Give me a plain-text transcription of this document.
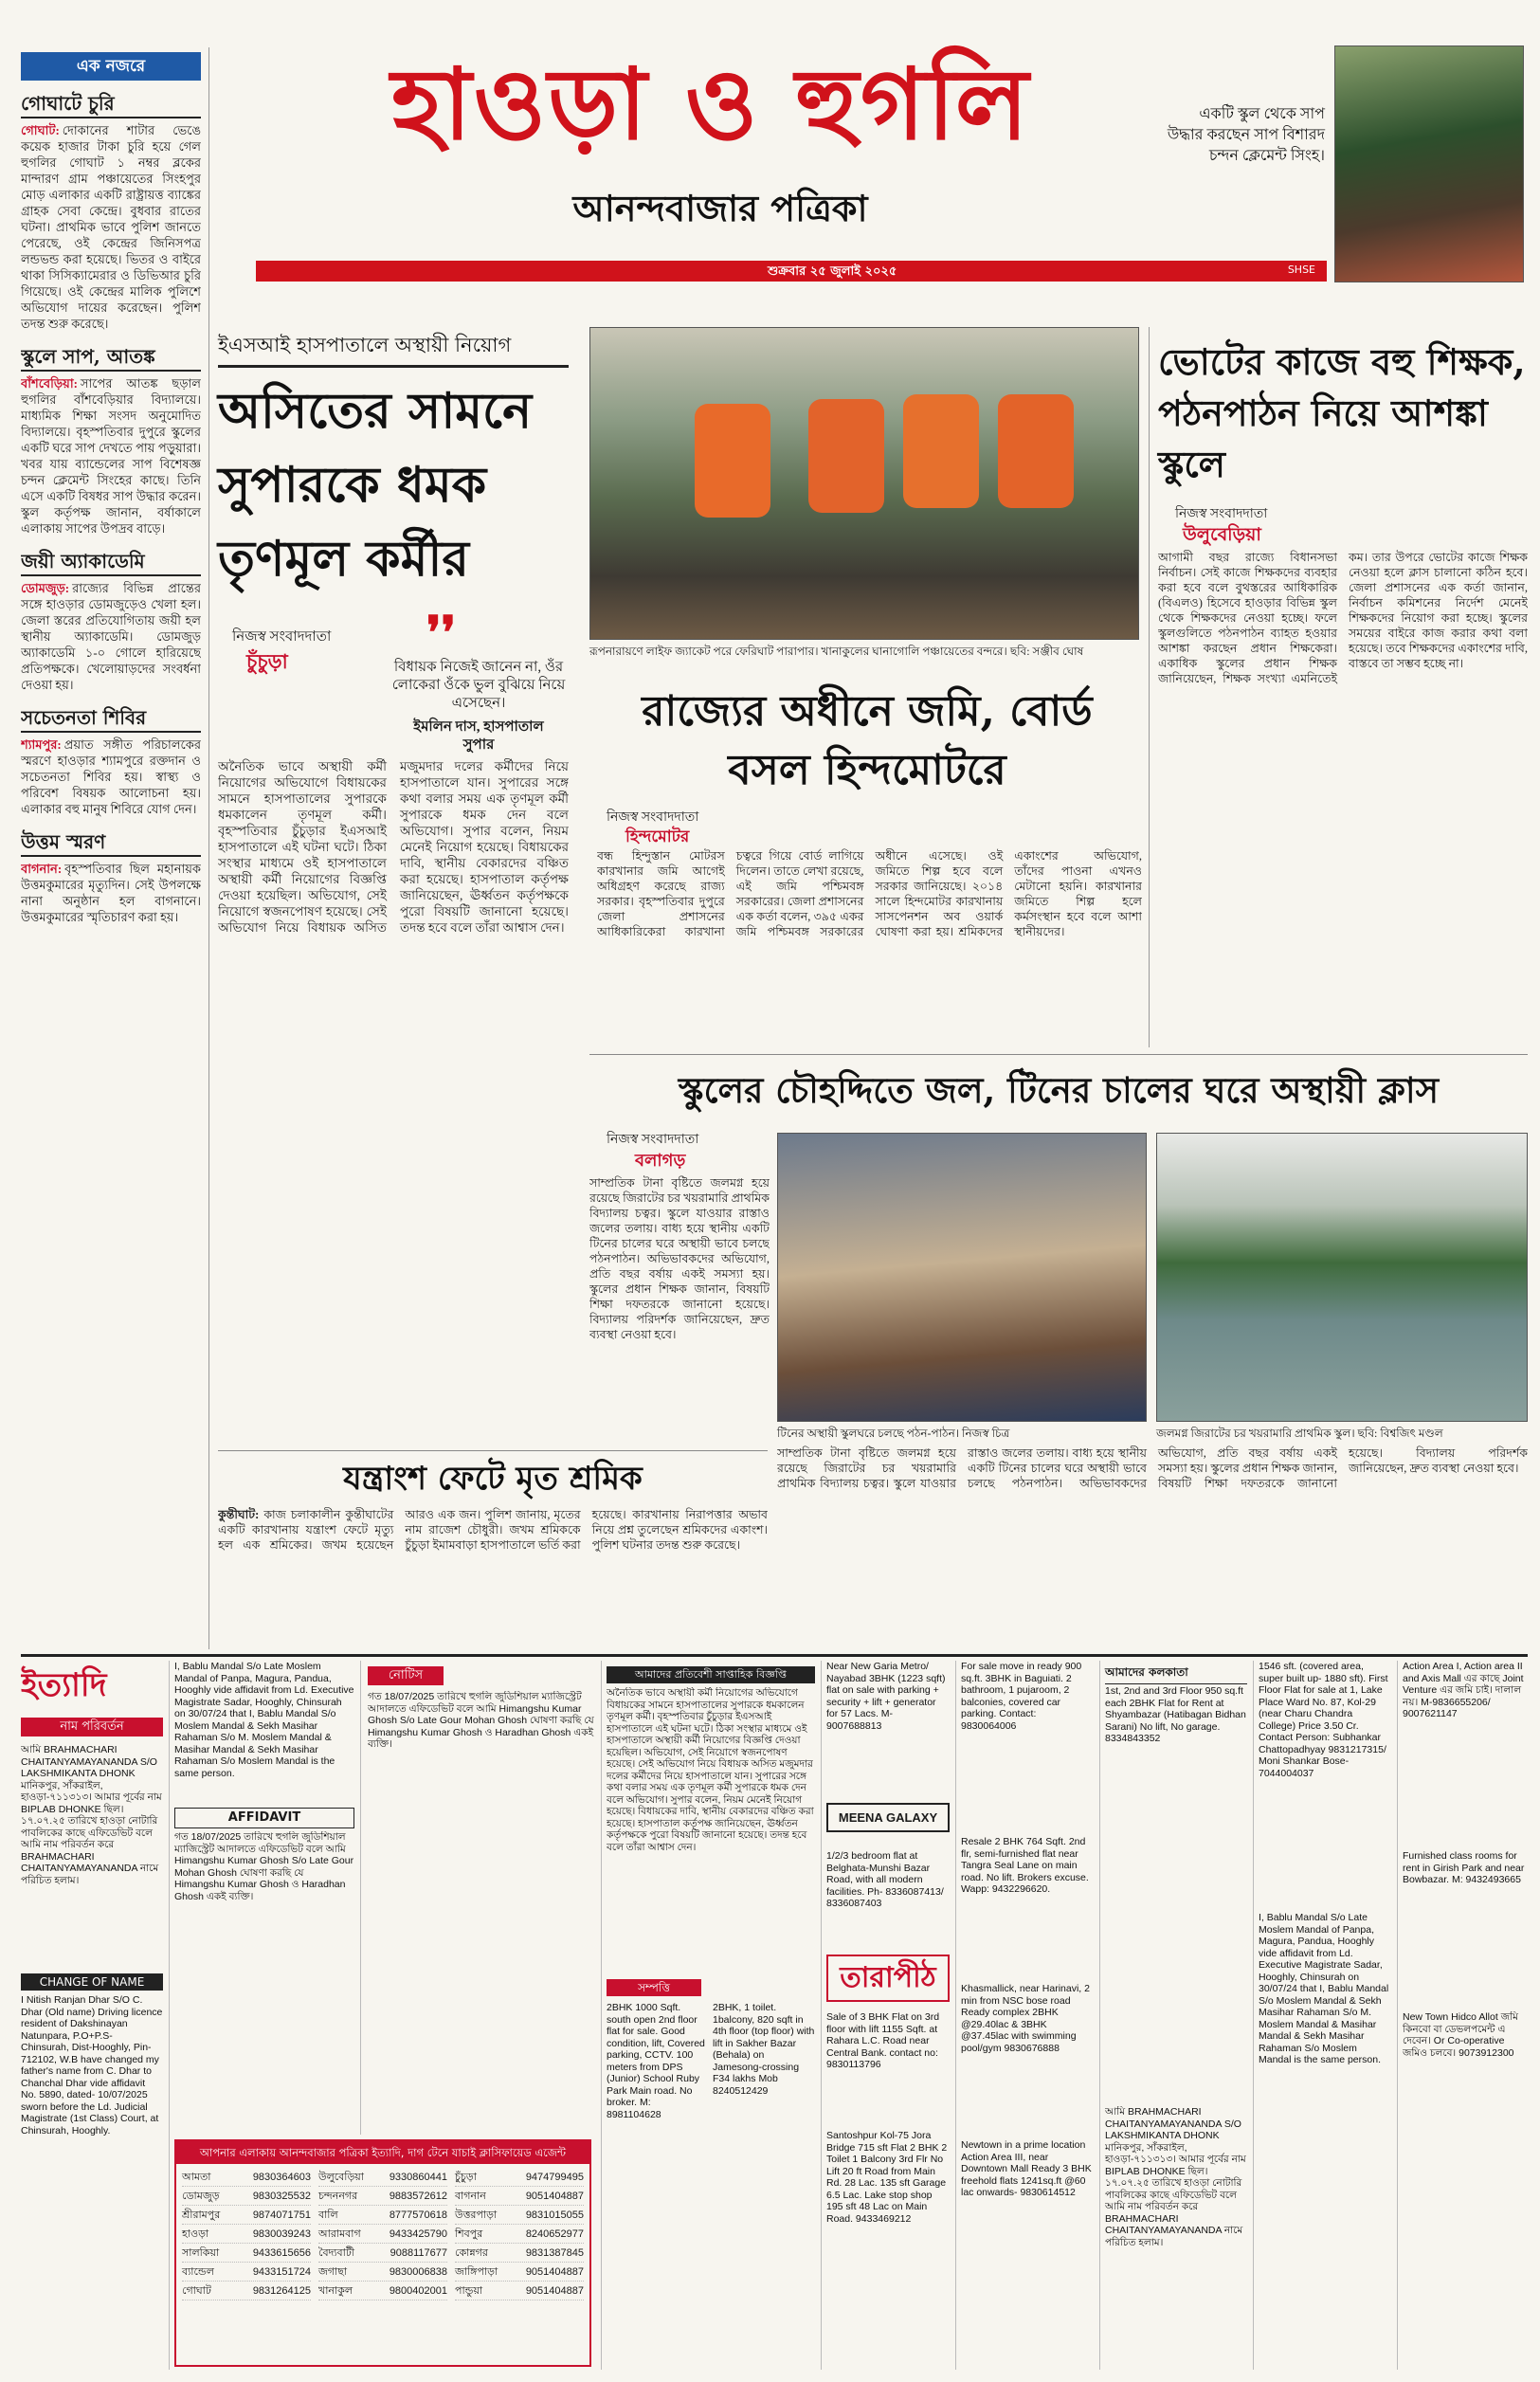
এক নজরে	হাওড়া ও হুগলি
আনন্দবাজার পত্রিকা
শুক্রবার ২৫ জুলাই ২০২৫	SHSE
একটি স্কুল থেকে সাপ উদ্ধার করছেন সাপ বিশারদ চন্দন ক্লেমেন্ট সিংহ।
গোঘাটে চুরি
গোঘাট: দোকানের শাটার ভেঙে কয়েক হাজার টাকা চুরি হয়ে গেল হুগলির গোঘাট ১ নম্বর ব্লকের মান্দারণ গ্রাম পঞ্চায়েতের সিংহপুর মোড় এলাকার একটি রাষ্ট্রায়ত্ত ব্যাঙ্কের গ্রাহক সেবা কেন্দ্রে। বুধবার রাতের ঘটনা। প্রাথমিক ভাবে পুলিশ জানতে পেরেছে, ওই কেন্দ্রের জিনিসপত্র লন্ডভন্ড করা হয়েছে। ভিতর ও বাইরে থাকা সিসিক্যামেরার ও ডিভিআর চুরি গিয়েছে। ওই কেন্দ্রের মালিক পুলিশে অভিযোগ দায়ের করেছেন। পুলিশ তদন্ত শুরু করেছে।
স্কুলে সাপ, আতঙ্ক
বাঁশবেড়িয়া: সাপের আতঙ্ক ছড়াল হুগলির বাঁশবেড়িয়ার বিদ্যালয়ে। মাধ্যমিক শিক্ষা সংসদ অনুমোদিত বিদ্যালয়ে। বৃহস্পতিবার দুপুরে স্কুলের একটি ঘরে সাপ দেখতে পায় পড়ুয়ারা। খবর যায় ব্যান্ডেলের সাপ বিশেষজ্ঞ চন্দন ক্লেমেন্ট সিংহের কাছে। তিনি এসে একটি বিষধর সাপ উদ্ধার করেন। স্কুল কর্তৃপক্ষ জানান, বর্ষাকালে এলাকায় সাপের উপদ্রব বাড়ে।
জয়ী অ্যাকাডেমি
ডোমজুড়: রাজ্যের বিভিন্ন প্রান্তের সঙ্গে হাওড়ার ডোমজুড়েও খেলা হল। জেলা স্তরের প্রতিযোগিতায় জয়ী হল স্থানীয় অ্যাকাডেমি। ডোমজুড় অ্যাকাডেমি ১-০ গোলে হারিয়েছে প্রতিপক্ষকে। খেলোয়াড়দের সংবর্ধনা দেওয়া হয়।
সচেতনতা শিবির
শ্যামপুর: প্রয়াত সঙ্গীত পরিচালকের স্মরণে হাওড়ার শ্যামপুরে রক্তদান ও সচেতনতা শিবির হয়। স্বাস্থ্য ও পরিবেশ বিষয়ক আলোচনা হয়। এলাকার বহু মানুষ শিবিরে যোগ দেন।
উত্তম স্মরণ
বাগনান: বৃহস্পতিবার ছিল মহানায়ক উত্তমকুমারের মৃত্যুদিন। সেই উপলক্ষে নানা অনুষ্ঠান হল বাগনানে। উত্তমকুমারের স্মৃতিচারণ করা হয়।
ইএসআই হাসপাতালে অস্থায়ী নিয়োগ
অসিতের সামনে সুপারকে ধমক তৃণমূল কর্মীর
নিজস্ব সংবাদদাতা
চুঁচুড়া
❜❜
বিধায়ক নিজেই জানেন না, ওঁর লোকেরা ওঁকে ভুল বুঝিয়ে নিয়ে এসেছেন।
ইমলিন দাস, হাসপাতাল সুপার
অনৈতিক ভাবে অস্থায়ী কর্মী নিয়োগের অভিযোগে বিধায়কের সামনে হাসপাতালের সুপারকে ধমকালেন তৃণমূল কর্মী। বৃহস্পতিবার চুঁচুড়ার ইএসআই হাসপাতালে এই ঘটনা ঘটে। ঠিকা সংস্থার মাধ্যমে ওই হাসপাতালে অস্থায়ী কর্মী নিয়োগের বিজ্ঞপ্তি দেওয়া হয়েছিল। অভিযোগ, সেই নিয়োগে স্বজনপোষণ হয়েছে। সেই অভিযোগ নিয়ে বিধায়ক অসিত মজুমদার দলের কর্মীদের নিয়ে হাসপাতালে যান। সুপারের সঙ্গে কথা বলার সময় এক তৃণমূল কর্মী সুপারকে ধমক দেন বলে অভিযোগ। সুপার বলেন, নিয়ম মেনেই নিয়োগ হয়েছে। বিধায়কের দাবি, স্থানীয় বেকারদের বঞ্চিত করা হয়েছে। হাসপাতাল কর্তৃপক্ষ জানিয়েছেন, ঊর্ধ্বতন কর্তৃপক্ষকে পুরো বিষয়টি জানানো হয়েছে। তদন্ত হবে বলে তাঁরা আশ্বাস দেন।
রূপনারায়ণে লাইফ জ্যাকেট পরে ফেরিঘাট পারাপার। খানাকুলের ঘানাগোলি পঞ্চায়েতের বন্দরে। ছবি: সঞ্জীব ঘোষ
রাজ্যের অধীনে জমি, বোর্ড বসল হিন্দমোটরে
নিজস্ব সংবাদদাতা
হিন্দমোটর
বন্ধ হিন্দুস্তান মোটরস কারখানার জমি আগেই অধিগ্রহণ করেছে রাজ্য সরকার। বৃহস্পতিবার দুপুরে জেলা প্রশাসনের আধিকারিকেরা কারখানা চত্বরে গিয়ে বোর্ড লাগিয়ে দিলেন। তাতে লেখা রয়েছে, এই জমি পশ্চিমবঙ্গ সরকারের। জেলা প্রশাসনের এক কর্তা বলেন, ৩৯৫ একর জমি পশ্চিমবঙ্গ সরকারের অধীনে এসেছে। ওই জমিতে শিল্প হবে বলে সরকার জানিয়েছে। ২০১৪ সালে হিন্দমোটর কারখানায় সাসপেনশন অব ওয়ার্ক ঘোষণা করা হয়। শ্রমিকদের একাংশের অভিযোগ, তাঁদের পাওনা এখনও মেটানো হয়নি। কারখানার জমিতে শিল্প হলে কর্মসংস্থান হবে বলে আশা স্থানীয়দের।
ভোটের কাজে বহু শিক্ষক, পঠনপাঠন নিয়ে আশঙ্কা স্কুলে
নিজস্ব সংবাদদাতা
উলুবেড়িয়া
আগামী বছর রাজ্যে বিধানসভা নির্বাচন। সেই কাজে শিক্ষকদের ব্যবহার করা হবে বলে বুথস্তরের আধিকারিক (বিএলও) হিসেবে হাওড়ার বিভিন্ন স্কুল থেকে শিক্ষকদের নেওয়া হচ্ছে। ফলে স্কুলগুলিতে পঠনপাঠন ব্যাহত হওয়ার আশঙ্কা করছেন প্রধান শিক্ষকেরা। একাধিক স্কুলের প্রধান শিক্ষক জানিয়েছেন, শিক্ষক সংখ্যা এমনিতেই কম। তার উপরে ভোটের কাজে শিক্ষক নেওয়া হলে ক্লাস চালানো কঠিন হবে। জেলা প্রশাসনের এক কর্তা জানান, নির্বাচন কমিশনের নির্দেশ মেনেই শিক্ষকদের নিয়োগ করা হচ্ছে। স্কুলের সময়ের বাইরে কাজ করার কথা বলা হয়েছে। তবে শিক্ষকদের একাংশের দাবি, বাস্তবে তা সম্ভব হচ্ছে না।
স্কুলের চৌহদ্দিতে জল, টিনের চালের ঘরে অস্থায়ী ক্লাস
নিজস্ব সংবাদদাতা
বলাগড়
সাম্প্রতিক টানা বৃষ্টিতে জলমগ্ন হয়ে রয়েছে জিরাটের চর খয়রামারি প্রাথমিক বিদ্যালয় চত্বর। স্কুলে যাওয়ার রাস্তাও জলের তলায়। বাধ্য হয়ে স্থানীয় একটি টিনের চালের ঘরে অস্থায়ী ভাবে চলছে পঠনপাঠন। অভিভাবকদের অভিযোগ, প্রতি বছর বর্ষায় একই সমস্যা হয়। স্কুলের প্রধান শিক্ষক জানান, বিষয়টি শিক্ষা দফতরকে জানানো হয়েছে। বিদ্যালয় পরিদর্শক জানিয়েছেন, দ্রুত ব্যবস্থা নেওয়া হবে।
টিনের অস্থায়ী স্কুলঘরে চলছে পঠন-পাঠন। নিজস্ব চিত্র	জলমগ্ন জিরাটের চর খয়রামারি প্রাথমিক স্কুল। ছবি: বিশ্বজিৎ মণ্ডল
সাম্প্রতিক টানা বৃষ্টিতে জলমগ্ন হয়ে রয়েছে জিরাটের চর খয়রামারি প্রাথমিক বিদ্যালয় চত্বর। স্কুলে যাওয়ার রাস্তাও জলের তলায়। বাধ্য হয়ে স্থানীয় একটি টিনের চালের ঘরে অস্থায়ী ভাবে চলছে পঠনপাঠন। অভিভাবকদের অভিযোগ, প্রতি বছর বর্ষায় একই সমস্যা হয়। স্কুলের প্রধান শিক্ষক জানান, বিষয়টি শিক্ষা দফতরকে জানানো হয়েছে। বিদ্যালয় পরিদর্শক জানিয়েছেন, দ্রুত ব্যবস্থা নেওয়া হবে।
যন্ত্রাংশ ফেটে মৃত শ্রমিক
কুন্তীঘাট: কাজ চলাকালীন কুন্তীঘাটের একটি কারখানায় যন্ত্রাংশ ফেটে মৃত্যু হল এক শ্রমিকের। জখম হয়েছেন আরও এক জন। পুলিশ জানায়, মৃতের নাম রাজেশ চৌধুরী। জখম শ্রমিককে চুঁচুড়া ইমামবাড়া হাসপাতালে ভর্তি করা হয়েছে। কারখানায় নিরাপত্তার অভাব নিয়ে প্রশ্ন তুলেছেন শ্রমিকদের একাংশ। পুলিশ ঘটনার তদন্ত শুরু করেছে।
ইত্যাদি
নাম পরিবর্তন
আমি BRAHMACHARI CHAITANYAMAYANANDA S/O LAKSHMIKANTA DHONK মানিকপুর, সাঁকরাইল, হাওড়া-৭১১৩১৩। আমার পূর্বের নাম BIPLAB DHONKE ছিল। ১৭.০৭.২৫ তারিখে হাওড়া নোটারি পাবলিকের কাছে এফিডেভিট বলে আমি নাম পরিবর্তন করে BRAHMACHARI CHAITANYAMAYANANDA নামে পরিচিত হলাম।
CHANGE OF NAME
I Nitish Ranjan Dhar S/O C. Dhar (Old name) Driving licence resident of Dakshinayan Natunpara, P.O+P.S- Chinsurah, Dist-Hooghly, Pin- 712102, W.B have changed my father's name from C. Dhar to Chanchal Dhar vide affidavit No. 5890, dated- 10/07/2025 sworn before the Ld. Judicial Magistrate (1st Class) Court, at Chinsurah, Hooghly.
I, Bablu Mandal S/o Late Moslem Mandal of Panpa, Magura, Pandua, Hooghly vide affidavit from Ld. Executive Magistrate Sadar, Hooghly, Chinsurah on 30/07/24 that I, Bablu Mandal S/o Moslem Mandal & Sekh Masihar Rahaman S/o M. Moslem Mandal & Masihar Mandal & Sekh Masihar Rahaman S/o Moslem Mandal is the same person.
AFFIDAVIT
গত 18/07/2025 তারিখে হুগলি জুডিশিয়াল ম্যাজিস্ট্রেট আদালতে এফিডেভিট বলে আমি Himangshu Kumar Ghosh S/o Late Gour Mohan Ghosh ঘোষণা করছি যে Himangshu Kumar Ghosh ও Haradhan Ghosh একই ব্যক্তি।
নোটিস
গত 18/07/2025 তারিখে হুগলি জুডিশিয়াল ম্যাজিস্ট্রেট আদালতে এফিডেভিট বলে আমি Himangshu Kumar Ghosh S/o Late Gour Mohan Ghosh ঘোষণা করছি যে Himangshu Kumar Ghosh ও Haradhan Ghosh একই ব্যক্তি।
আপনার এলাকায় আনন্দবাজার পত্রিকা ইত্যাদি, দাগ টেনে যাচাই ক্লাসিফায়েড এজেন্ট
আমতা	9830364603 উলুবেড়িয়া 9330860441 চুঁচুড়া	9474799495
ডোমজুড়	9830325532 চন্দননগর	9883572612 বাগনান	9051404887
শ্রীরামপুর	9874071751 বালি	8777570618 উত্তরপাড়া	9831015055
হাওড়া	9830039243 আরামবাগ	9433425790 শিবপুর	8240652977
সালকিয়া	9433615656 বৈদ্যবাটী	9088117677 কোন্নগর	9831387845
ব্যান্ডেল	9433151724 জগাছা	9830006838 জাঙ্গিপাড়া	9051404887
গোঘাট	9831264125 খানাকুল	9800402001 পান্ডুয়া	9051404887
আমাদের প্রতিবেশী সাপ্তাহিক বিজ্ঞপ্তি
অনৈতিক ভাবে অস্থায়ী কর্মী নিয়োগের অভিযোগে বিধায়কের সামনে হাসপাতালের সুপারকে ধমকালেন তৃণমূল কর্মী। বৃহস্পতিবার চুঁচুড়ার ইএসআই হাসপাতালে এই ঘটনা ঘটে। ঠিকা সংস্থার মাধ্যমে ওই হাসপাতালে অস্থায়ী কর্মী নিয়োগের বিজ্ঞপ্তি দেওয়া হয়েছিল। অভিযোগ, সেই নিয়োগে স্বজনপোষণ হয়েছে। সেই অভিযোগ নিয়ে বিধায়ক অসিত মজুমদার দলের কর্মীদের নিয়ে হাসপাতালে যান। সুপারের সঙ্গে কথা বলার সময় এক তৃণমূল কর্মী সুপারকে ধমক দেন বলে অভিযোগ। সুপার বলেন, নিয়ম মেনেই নিয়োগ হয়েছে। বিধায়কের দাবি, স্থানীয় বেকারদের বঞ্চিত করা হয়েছে। হাসপাতাল কর্তৃপক্ষ জানিয়েছেন, ঊর্ধ্বতন কর্তৃপক্ষকে পুরো বিষয়টি জানানো হয়েছে। তদন্ত হবে বলে তাঁরা আশ্বাস দেন।
সম্পত্তি
2BHK 1000 Sqft. south open 2nd floor flat for sale. Good condition, lift, Covered parking, CCTV. 100 meters from DPS (Junior) School Ruby Park Main road. No broker. M: 8981104628
2BHK, 1 toilet. 1balcony, 820 sqft in 4th floor (top floor) with lift in Sakher Bazar (Behala) on Jamesong-crossing F34 lakhs Mob 8240512429
Near New Garia Metro/ Nayabad 3BHK (1223 sqft) flat on sale with parking + security + lift + generator for 57 Lacs. M- 9007688813
MEENA GALAXY
1/2/3 bedroom flat at Belghata-Munshi Bazar Road, with all modern facilities. Ph- 8336087413/ 8336087403
তারাপীঠ
Sale of 3 BHK Flat on 3rd floor with lift 1155 Sqft. at Rahara L.C. Road near Central Bank. contact no: 9830113796
Santoshpur Kol-75 Jora Bridge 715 sft Flat 2 BHK 2 Toilet 1 Balcony 3rd Flr No Lift 20 ft Road from Main Rd. 28 Lac. 135 sft Garage 6.5 Lac. Lake stop shop 195 sft 48 Lac on Main Road. 9433469212
For sale move in ready 900 sq.ft. 3BHK in Baguiati. 2 bathroom, 1 pujaroom, 2 balconies, covered car parking. Contact: 9830064006
Resale 2 BHK 764 Sqft. 2nd flr, semi-furnished flat near Tangra Seal Lane on main road. No lift. Brokers excuse. Wapp: 9432296620.
Khasmallick, near Harinavi, 2 min from NSC bose road Ready complex 2BHK @29.40lac & 3BHK @37.45lac with swimming pool/gym 9830676888
Newtown in a prime location Action Area III, near Downtown Mall Ready 3 BHK freehold flats 1241sq.ft @60 lac onwards- 9830614512
আমাদের কলকাতা
1st, 2nd and 3rd Floor 950 sq.ft each 2BHK Flat for Rent at Shyambazar (Hatibagan Bidhan Sarani) No lift, No garage. 8334843352
আমি BRAHMACHARI CHAITANYAMAYANANDA S/O LAKSHMIKANTA DHONK মানিকপুর, সাঁকরাইল, হাওড়া-৭১১৩১৩। আমার পূর্বের নাম BIPLAB DHONKE ছিল। ১৭.০৭.২৫ তারিখে হাওড়া নোটারি পাবলিকের কাছে এফিডেভিট বলে আমি নাম পরিবর্তন করে BRAHMACHARI CHAITANYAMAYANANDA নামে পরিচিত হলাম।
1546 sft. (covered area, super built up- 1880 sft). First Floor Flat for sale at 1, Lake Place Ward No. 87, Kol-29 (near Charu Chandra College) Price 3.50 Cr. Contact Person: Subhankar Chattopadhyay 9831217315/ Moni Shankar Bose- 7044004037
I, Bablu Mandal S/o Late Moslem Mandal of Panpa, Magura, Pandua, Hooghly vide affidavit from Ld. Executive Magistrate Sadar, Hooghly, Chinsurah on 30/07/24 that I, Bablu Mandal S/o Moslem Mandal & Sekh Masihar Rahaman S/o M. Moslem Mandal & Masihar Mandal & Sekh Masihar Rahaman S/o Moslem Mandal is the same person.
Action Area I, Action area II and Axis Mall এর কাছে Joint Venture এর জমি চাই। দালাল নয়। M-9836655206/ 9007621147
Furnished class rooms for rent in Girish Park and near Bowbazar. M: 9432493665
New Town Hidco Allot জমি কিনবো বা ডেভলপমেন্ট এ দেবেন। Or Co-operative জমিও চলবে। 9073912300
